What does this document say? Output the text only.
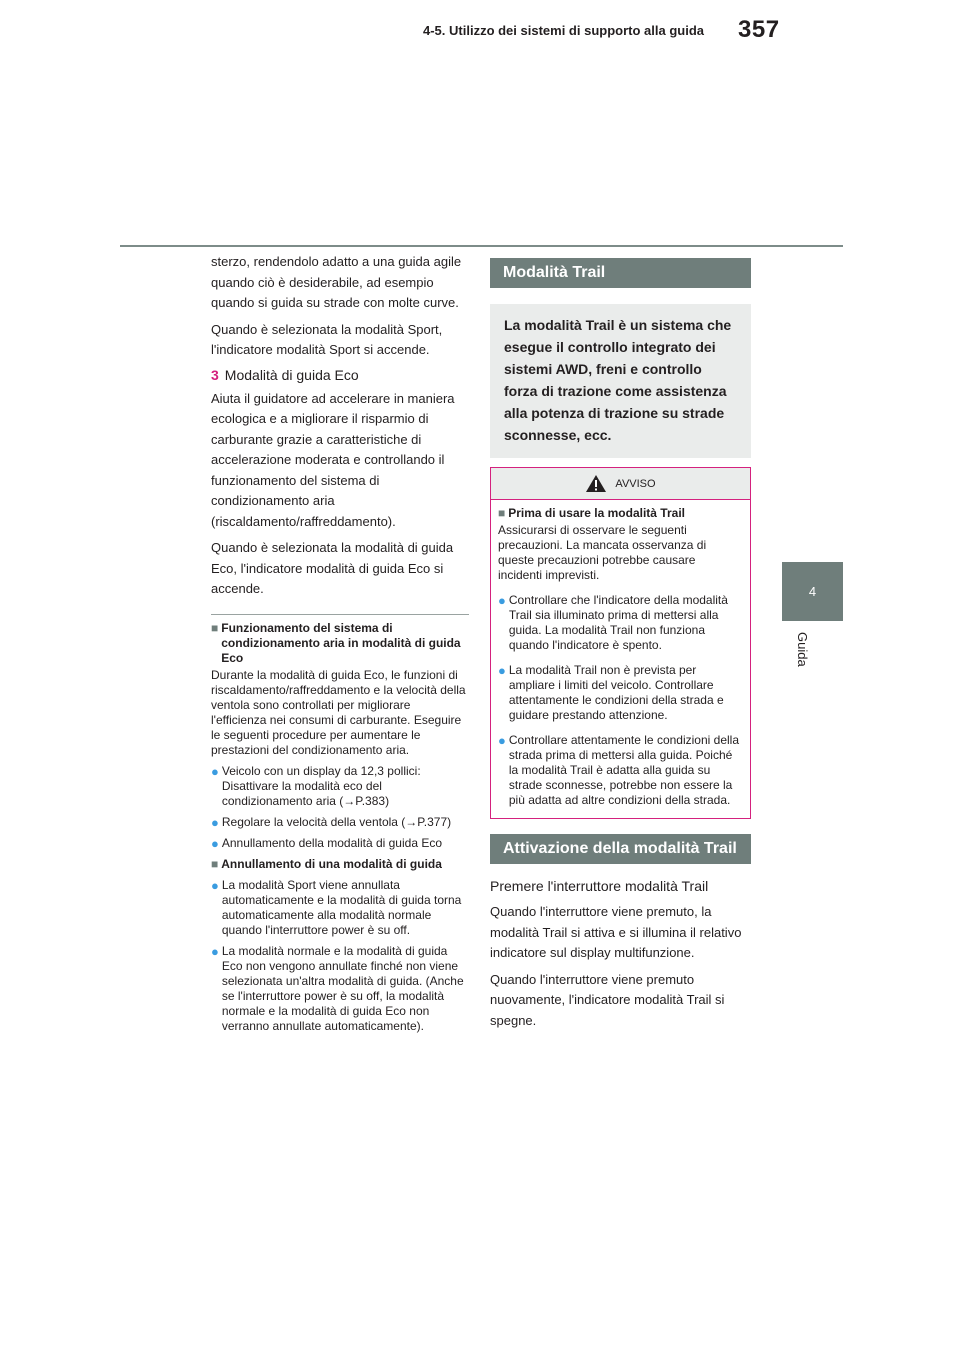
357
4-5. Utilizzo dei sistemi di supporto alla guida
4
Guida

sterzo, rendendolo adatto a una guida agile quando ciò è desiderabile, ad esempio quando si guida su strade con molte curve.

Quando è selezionata la modalità Sport, l'indicatore modalità Sport si accende.

3 Modalità di guida Eco

Aiuta il guidatore ad accelerare in maniera ecologica e a migliorare il risparmio di carburante grazie a caratteristiche di accelerazione moderata e controllando il funzionamento del sistema di condizionamento aria (riscaldamento/raffreddamento).

Quando è selezionata la modalità di guida Eco, l'indicatore modalità di guida Eco si accende.

■ Funzionamento del sistema di condizionamento aria in modalità di guida Eco

Durante la modalità di guida Eco, le funzioni di riscaldamento/raffreddamento e la velocità della ventola sono controllati per migliorare l'efficienza nei consumi di carburante. Eseguire le seguenti procedure per aumentare le prestazioni del condizionamento aria.

● Veicolo con un display da 12,3 pollici: Disattivare la modalità eco del condizionamento aria (→P.383)
● Regolare la velocità della ventola (→P.377)
● Annullamento della modalità di guida Eco
■ Annullamento di una modalità di guida
● La modalità Sport viene annullata automaticamente e la modalità di guida torna automaticamente alla modalità normale quando l'interruttore power è su off.
● La modalità normale e la modalità di guida Eco non vengono annullate finché non viene selezionata un'altra modalità di guida. (Anche se l'interruttore power è su off, la modalità normale e la modalità di guida Eco non verranno annullate automaticamente).
Modalità Trail

La modalità Trail è un sistema che

esegue il controllo integrato dei

sistemi AWD, freni e controllo

forza di trazione come assistenza

alla potenza di trazione su strade

sconnesse, ecc.

AVVISO
■ Prima di usare la modalità Trail

Assicurarsi di osservare le seguenti precauzioni. La mancata osservanza di queste precauzioni potrebbe causare incidenti imprevisti.

● Controllare che l'indicatore della modalità Trail sia illuminato prima di mettersi alla guida. La modalità Trail non funziona quando l'indicatore è spento.
● La modalità Trail non è prevista per ampliare i limiti del veicolo. Controllare attentamente le condizioni della strada e guidare prestando attenzione.
● Controllare attentamente le condizioni della strada prima di mettersi alla guida. Poiché la modalità Trail è adatta alla guida su strade sconnesse, potrebbe non essere la più adatta ad altre condizioni della strada.
Attivazione della modalità Trail
Premere l'interruttore modalità Trail

Quando l'interruttore viene premuto, la modalità Trail si attiva e si illumina il relativo indicatore sul display multifunzione.

Quando l'interruttore viene premuto nuovamente, l'indicatore modalità Trail si spegne.
